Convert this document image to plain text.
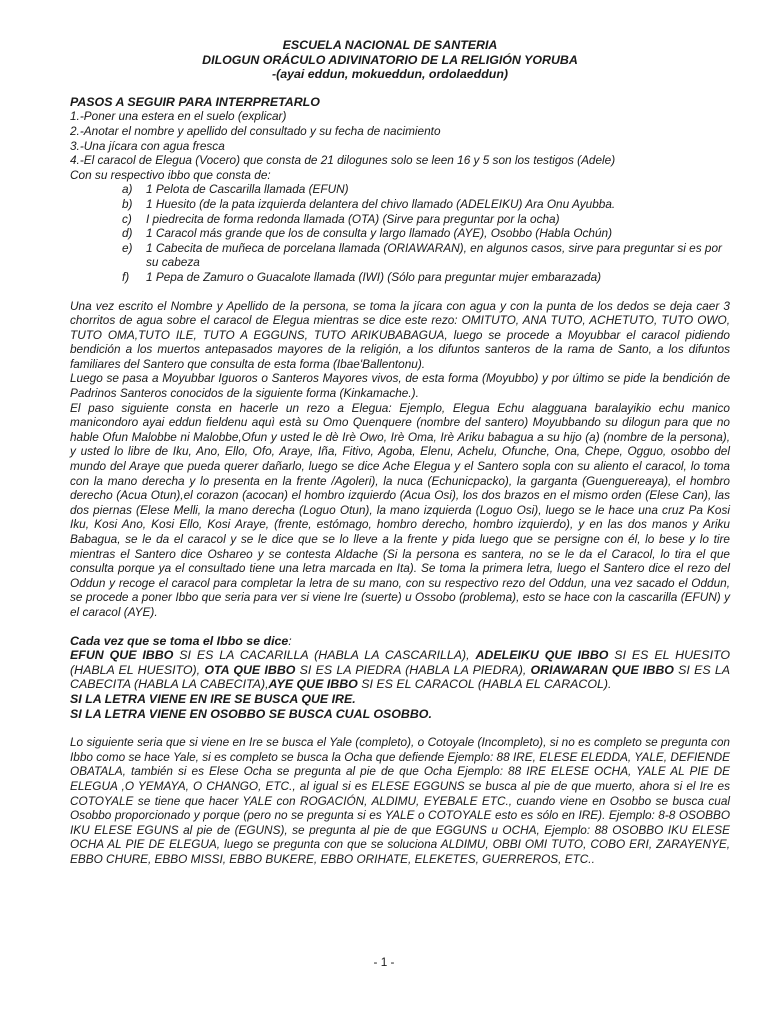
ESCUELA NACIONAL DE SANTERIA
DILOGUN ORÁCULO ADIVINATORIO DE LA RELIGIÓN YORUBA
-(ayai eddun, mokueddun, ordolaeddun)
PASOS A SEGUIR PARA INTERPRETARLO
1.-Poner una estera en el suelo (explicar)
2.-Anotar el nombre y apellido del consultado y su fecha de nacimiento
3.-Una jícara con agua fresca
4.-El caracol de Elegua (Vocero) que consta de 21 dilogunes solo se leen 16 y 5 son los testigos (Adele)
Con su respectivo ibbo que consta de:
a)	1 Pelota de Cascarilla llamada (EFUN)
b)	1 Huesito (de la pata izquierda delantera del chivo llamado (ADELEIKU) Ara Onu Ayubba.
c)	I piedrecita de forma redonda llamada (OTA) (Sirve para preguntar por la ocha)
d)	1 Caracol más grande que los de consulta y largo llamado (AYE), Osobbo (Habla Ochún)
e)	1 Cabecita de muñeca de porcelana llamada (ORIAWARAN), en algunos casos, sirve para preguntar si es por su cabeza
f)	1 Pepa de Zamuro o Guacalote llamada (IWI) (Sólo para preguntar mujer embarazada)

Una vez escrito el Nombre y Apellido de la persona, se toma la jícara con agua y con la punta de los dedos se deja caer 3 chorritos de agua sobre el caracol de Elegua mientras se dice este rezo: OMITUTO, ANA TUTO, ACHETUTO, TUTO OWO, TUTO OMA,TUTO ILE, TUTO A EGGUNS, TUTO ARIKUBABAGUA, luego se procede a Moyubbar el caracol pidiendo bendición a los muertos antepasados mayores de la religión, a los difuntos santeros de la rama de Santo, a los difuntos familiares del Santero que consulta de esta forma (Ibae'Ballentonu).

Luego se pasa a Moyubbar Iguoros o Santeros Mayores vivos, de esta forma (Moyubbo) y por último se pide la bendición de Padrinos Santeros conocidos de la siguiente forma (Kinkamache.).

El paso siguiente consta en hacerle un rezo a Elegua: Ejemplo, Elegua Echu alagguana baralayikio echu manico manicondoro ayai eddun fieldenu aquì està su Omo Quenquere (nombre del santero) Moyubbando su dilogun para que no hable Ofun Malobbe ni Malobbe,Ofun y usted le dè Irè Owo, Irè Oma, Irè Ariku babagua a su hijo (a) (nombre de la persona), y usted lo libre de Iku, Ano, Ello, Ofo, Araye, Iña, Fitivo, Agoba, Elenu, Achelu, Ofunche, Ona, Chepe, Ogguo, osobbo del mundo del Araye que pueda querer dañarlo, luego se dice Ache Elegua y el Santero sopla con su aliento el caracol, lo toma con la mano derecha y lo presenta en la frente /Agoleri), la nuca (Echunicpacko), la garganta (Guenguereaya), el hombro derecho (Acua Otun),el corazon (acocan) el hombro izquierdo (Acua Osi), los dos brazos en el mismo orden (Elese Can), las dos piernas (Elese Melli, la mano derecha (Loguo Otun), la mano izquierda (Loguo Osi), luego se le hace una cruz Pa Kosi Iku, Kosi Ano, Kosi Ello, Kosi Araye, (frente, estómago, hombro derecho, hombro izquierdo), y en las dos manos y Ariku Babagua, se le da el caracol y se le dice que se lo lleve a la frente y pida luego que se persigne con él, lo bese y lo tire mientras el Santero dice Oshareo y se contesta Aldache (Si la persona es santera, no se le da el Caracol, lo tira el que consulta porque ya el consultado tiene una letra marcada en Ita). Se toma la primera letra, luego el Santero dice el rezo del Oddun y recoge el caracol para completar la letra de su mano, con su respectivo rezo del Oddun, una vez sacado el Oddun, se procede a poner Ibbo que seria para ver si viene Ire (suerte) u Ossobo (problema), esto se hace con la cascarilla (EFUN) y el caracol (AYE).

Cada vez que se toma el Ibbo se dice:

EFUN QUE IBBO SI ES LA CACARILLA (HABLA LA CASCARILLA), ADELEIKU QUE IBBO SI ES EL HUESITO (HABLA EL HUESITO), OTA QUE IBBO SI ES LA PIEDRA (HABLA LA PIEDRA), ORIAWARAN QUE IBBO SI ES LA CABECITA (HABLA LA CABECITA),AYE QUE IBBO SI ES EL CARACOL (HABLA EL CARACOL).

SI LA LETRA VIENE EN IRE SE BUSCA QUE IRE.
SI LA LETRA VIENE EN OSOBBO SE BUSCA CUAL OSOBBO.

Lo siguiente seria que si viene en Ire se busca el Yale (completo), o Cotoyale (Incompleto), si no es completo se pregunta con Ibbo como se hace Yale, si es completo se busca la Ocha que defiende Ejemplo: 88 IRE, ELESE ELEDDA, YALE, DEFIENDE OBATALA, también si es Elese Ocha se pregunta al pie de que Ocha Ejemplo: 88 IRE ELESE OCHA, YALE AL PIE DE ELEGUA ,O YEMAYA, O CHANGO, ETC., al igual si es ELESE EGGUNS se busca al pie de que muerto, ahora si el Ire es COTOYALE se tiene que hacer YALE con ROGACIÓN, ALDIMU, EYEBALE ETC., cuando viene en Osobbo se busca cual Osobbo proporcionado y porque (pero no se pregunta si es YALE o COTOYALE esto es sólo en IRE). Ejemplo: 8-8 OSOBBO IKU ELESE EGUNS al pie de (EGUNS), se pregunta al pie de que EGGUNS u OCHA, Ejemplo: 88 OSOBBO IKU ELESE OCHA AL PIE DE ELEGUA, luego se pregunta con que se soluciona ALDIMU, OBBI OMI TUTO, COBO ERI, ZARAYENYE, EBBO CHURE, EBBO MISSI, EBBO BUKERE, EBBO ORIHATE, ELEKETES, GUERREROS, ETC..

- 1 -
